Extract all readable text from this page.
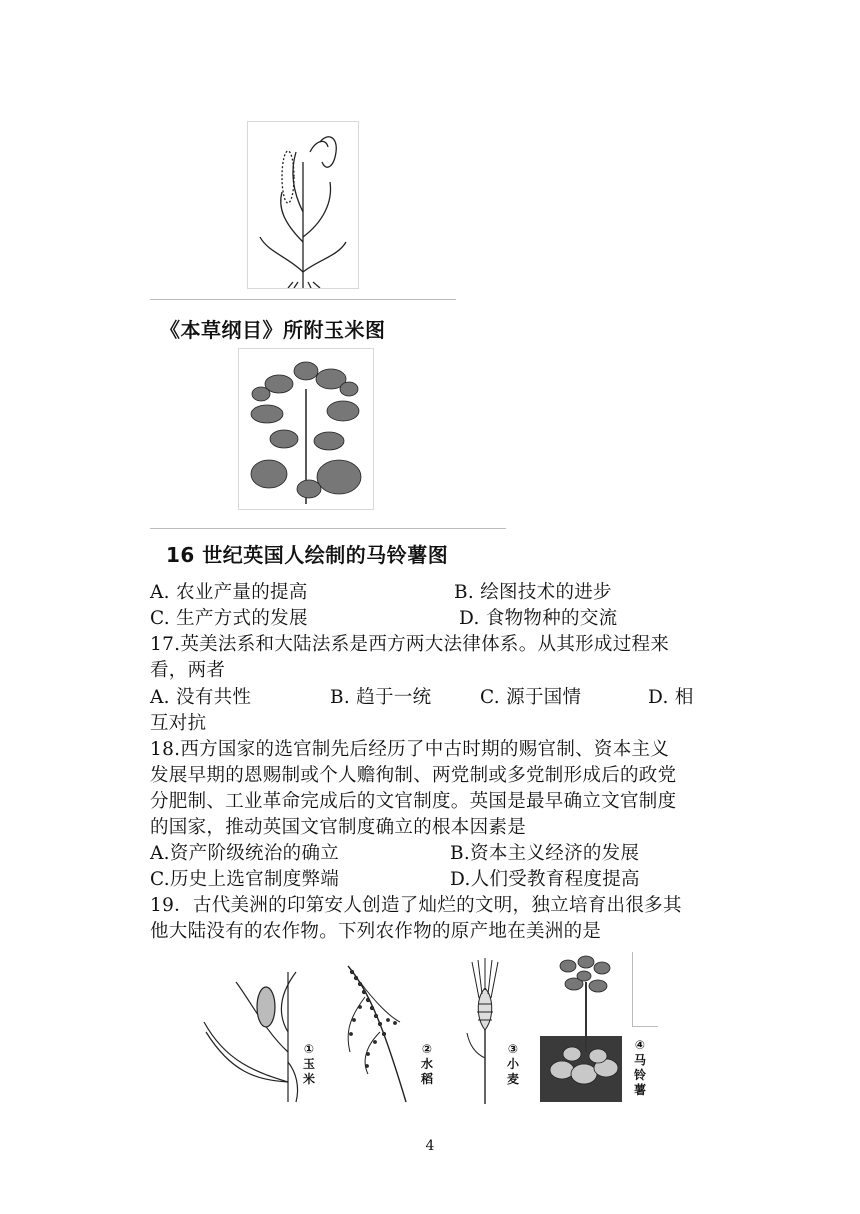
《本草纲目》所附玉米图
16 世纪英国人绘制的马铃薯图
A. 农业产量的提高	B. 绘图技术的进步
C. 生产方式的发展	D. 食物物种的交流
17.英美法系和大陆法系是西方两大法律体系。从其形成过程来
看，两者
A. 没有共性	B. 趋于一统	C. 源于国情	D. 相
互对抗
18.西方国家的选官制先后经历了中古时期的赐官制、资本主义
发展早期的恩赐制或个人赡徇制、两党制或多党制形成后的政党
分肥制、工业革命完成后的文官制度。英国是最早确立文官制度
的国家，推动英国文官制度确立的根本因素是
A.资产阶级统治的确立	B.资本主义经济的发展
C.历史上选官制度弊端	D.人们受教育程度提高
19．古代美洲的印第安人创造了灿烂的文明，独立培育出很多其
他大陆没有的农作物。下列农作物的原产地在美洲的是
①玉米
②水稻
③小麦
④马铃薯
4
